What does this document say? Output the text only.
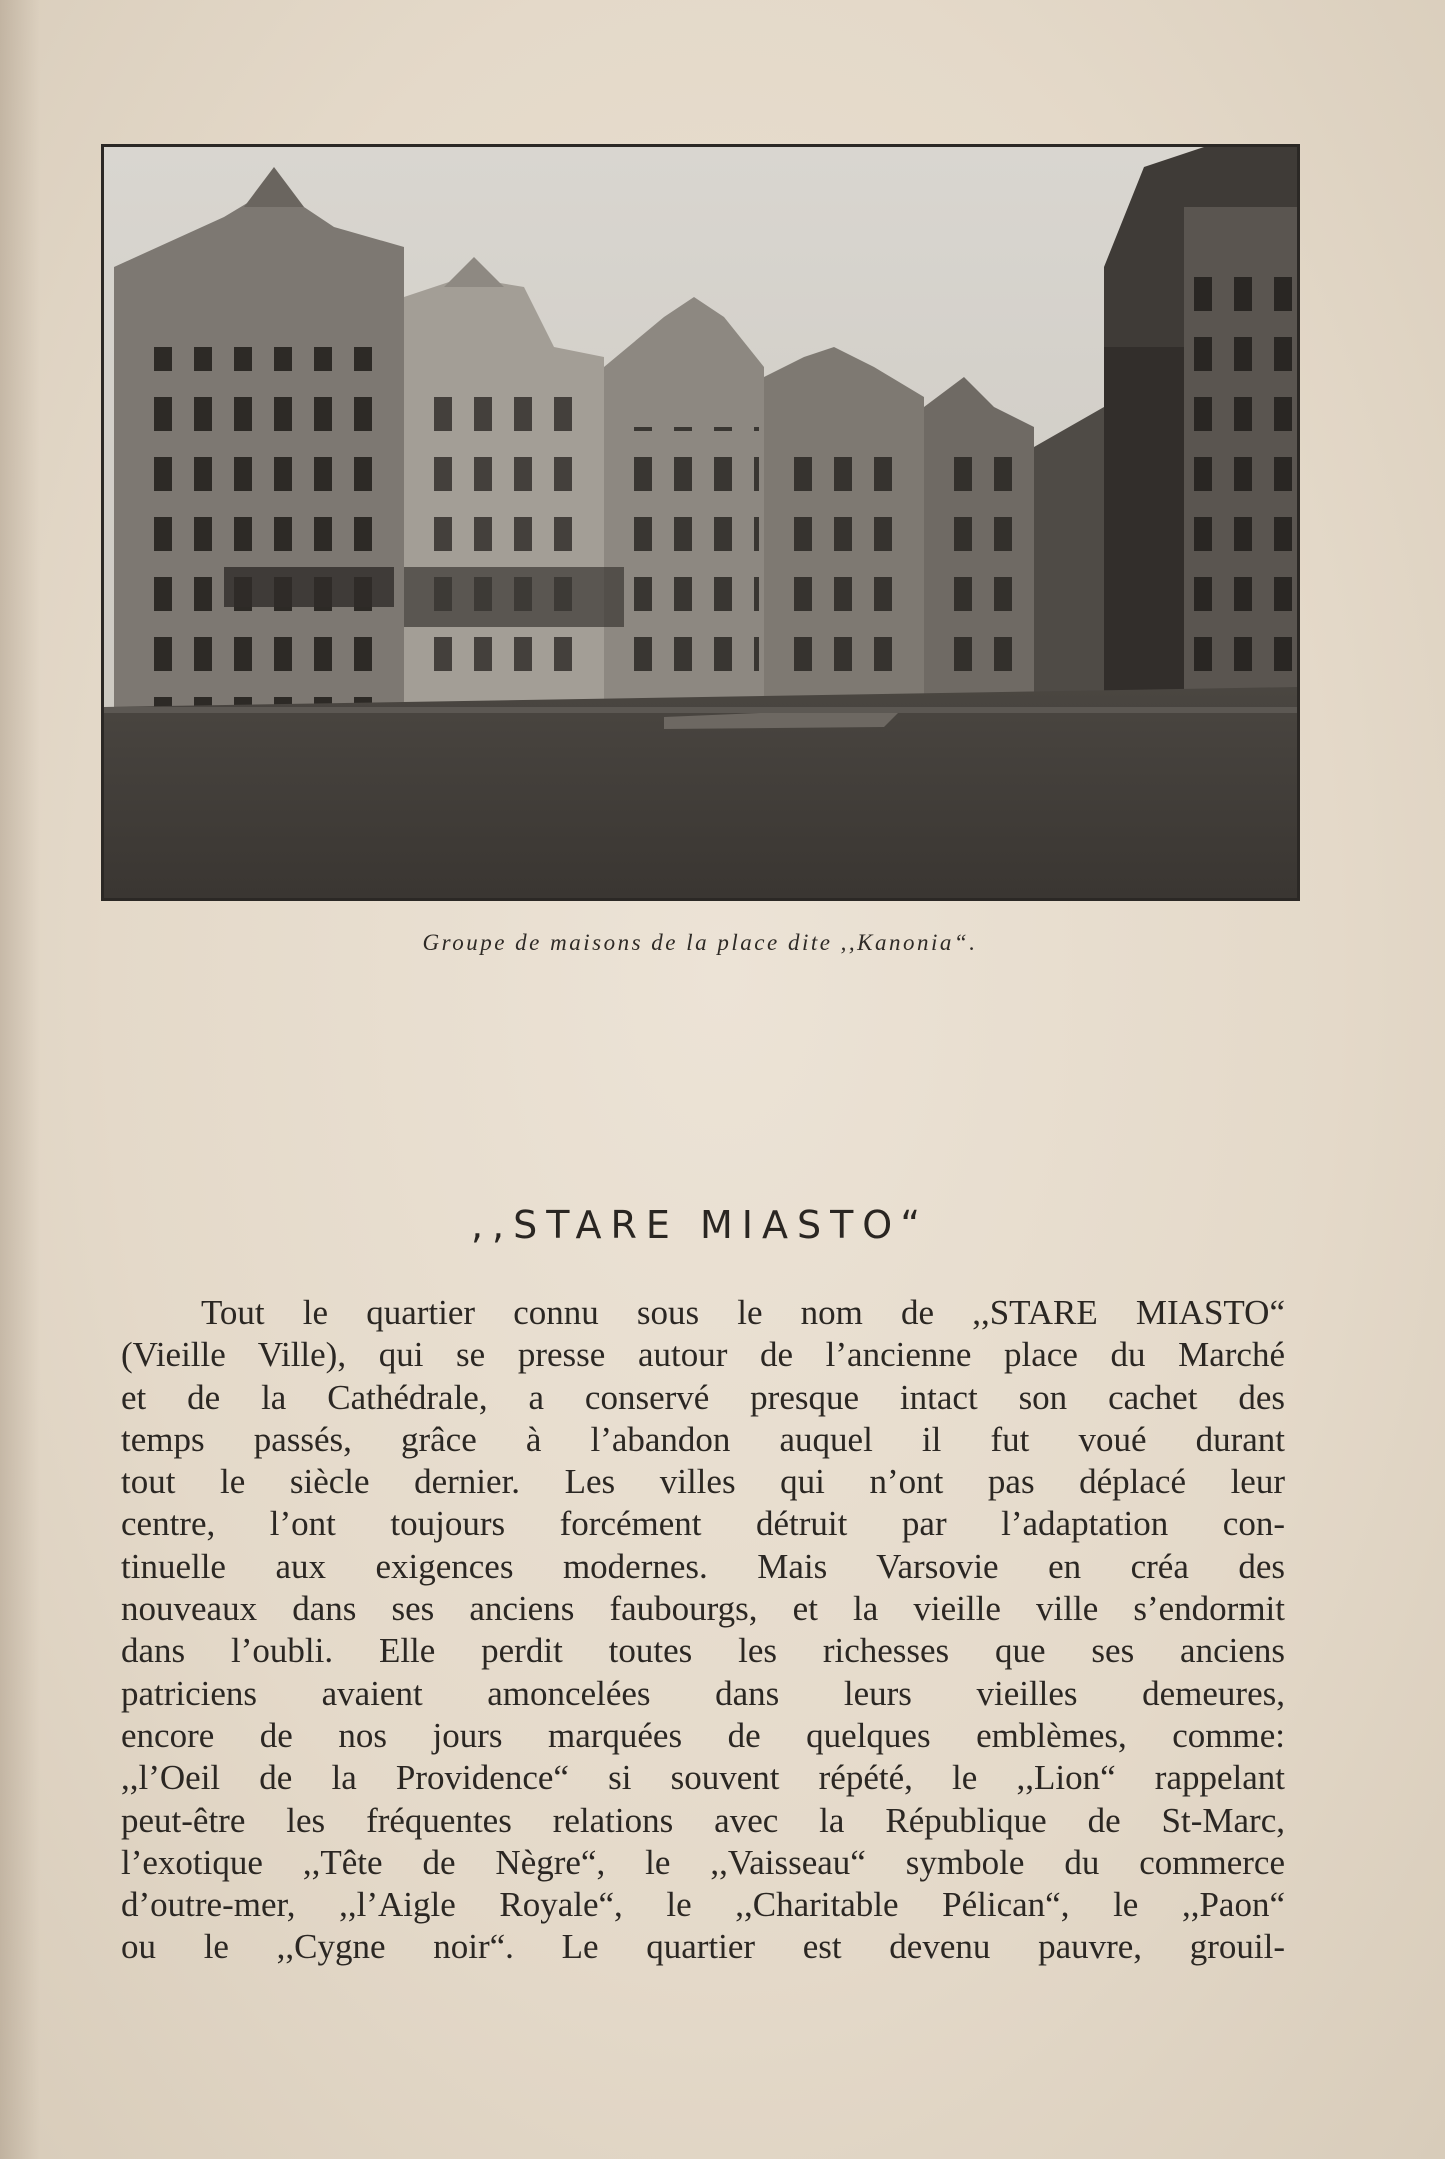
Groupe de maisons de la place dite ,,Kanonia“.
,,STARE MIASTO“
Tout le quartier connu sous le nom de ,,STARE MIASTO“
(Vieille Ville), qui se presse autour de l’ancienne place du Marché
et de la Cathédrale, a conservé presque intact son cachet des
temps passés, grâce à l’abandon auquel il fut voué durant
tout le siècle dernier. Les villes qui n’ont pas déplacé leur
centre, l’ont toujours forcément détruit par l’adaptation con-
tinuelle aux exigences modernes. Mais Varsovie en créa des
nouveaux dans ses anciens faubourgs, et la vieille ville s’endormit
dans l’oubli. Elle perdit toutes les richesses que ses anciens
patriciens avaient amoncelées dans leurs vieilles demeures,
encore de nos jours marquées de quelques emblèmes, comme:
,,l’Oeil de la Providence“ si souvent répété, le ,,Lion“ rappelant
peut-être les fréquentes relations avec la République de St-Marc,
l’exotique ,,Tête de Nègre“, le ,,Vaisseau“ symbole du commerce
d’outre-mer, ,,l’Aigle Royale“, le ,,Charitable Pélican“, le ,,Paon“
ou le ,,Cygne noir“. Le quartier est devenu pauvre, grouil-
